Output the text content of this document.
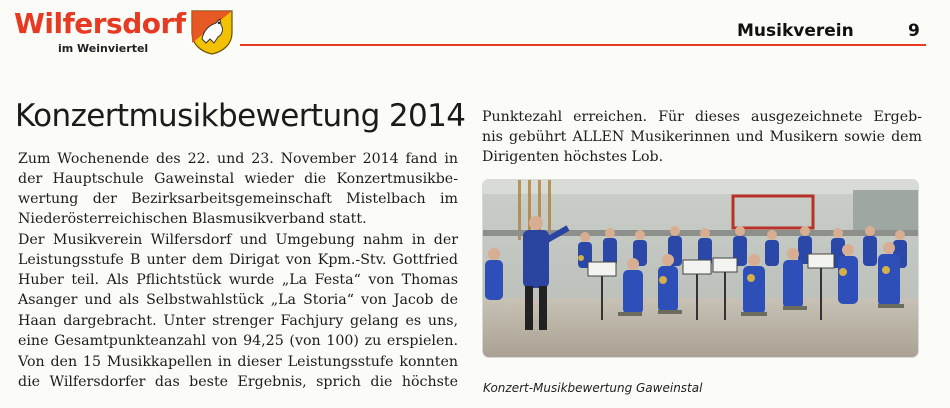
Wilfersdorf
im Weinviertel
Musikverein	9
Konzertmusikbewertung 2014
Zum Wochenende des 22. und 23. November 2014 fand in
der Hauptschule Gaweinstal wieder die Konzertmusikbe-
wertung der Bezirksarbeitsgemeinschaft Mistelbach im
Niederösterreichischen Blasmusikverband statt.
Der Musikverein Wilfersdorf und Umgebung nahm in der
Leistungsstufe B unter dem Dirigat von Kpm.-Stv. Gottfried
Huber teil. Als Pflichtstück wurde „La Festa“ von Thomas
Asanger und als Selbstwahlstück „La Storia“ von Jacob de
Haan dargebracht. Unter strenger Fachjury gelang es uns,
eine Gesamtpunkteanzahl von 94,25 (von 100) zu erspielen.
Von den 15 Musikkapellen in dieser Leistungsstufe konnten
die Wilfersdorfer das beste Ergebnis, sprich die höchste
Punktezahl erreichen. Für dieses ausgezeichnete Ergeb-
nis gebührt ALLEN Musikerinnen und Musikern sowie dem
Dirigenten höchstes Lob.
Konzert-Musikbewertung Gaweinstal
